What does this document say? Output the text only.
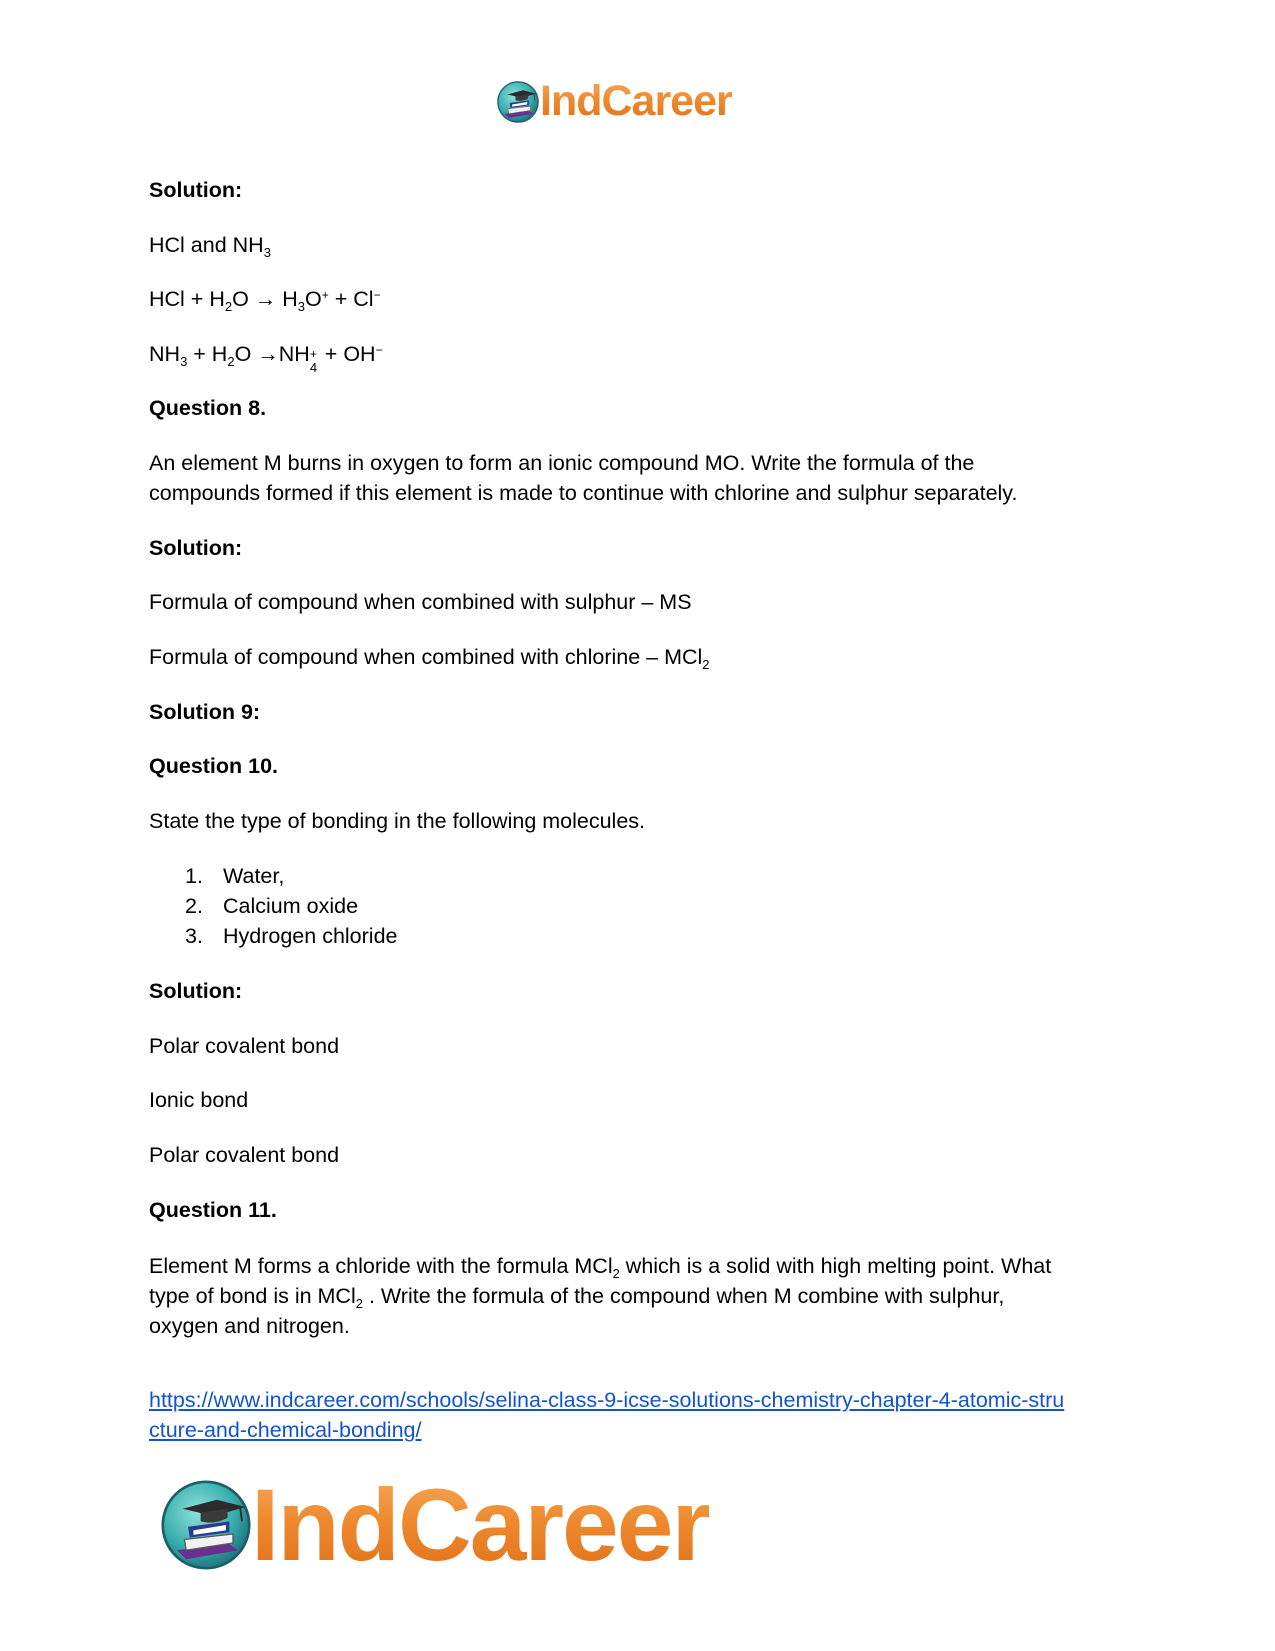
IndCareer
Solution:
HCl and $NH_3$
HCl + $H_2O \to H_3O^+ + Cl^-$
$NH_3 + H_2O \to NH$ +
4
+ OH−
Question 8.
An element M burns in oxygen to form an ionic compound MO. Write the formula of the
compounds formed if this element is made to continue with chlorine and sulphur separately.
Solution:
Formula of compound when combined with sulphur – MS
Formula of compound when combined with chlorine – MCl$_2$
Solution 9:
Question 10.
State the type of bonding in the following molecules.
1. Water,
2. Calcium oxide
3. Hydrogen chloride
Solution:
Polar covalent bond
Ionic bond
Polar covalent bond
Question 11.
Element M forms a chloride with the formula MCl$_2$ which is a solid with high melting point. What
type of bond is in MCl$_2$ . Write the formula of the compound when M combine with sulphur,
oxygen and nitrogen.
https://www.indcareer.com/schools/selina-class-9-icse-solutions-chemistry-chapter-4-atomic-stru
cture-and-chemical-bonding/
IndCareer
